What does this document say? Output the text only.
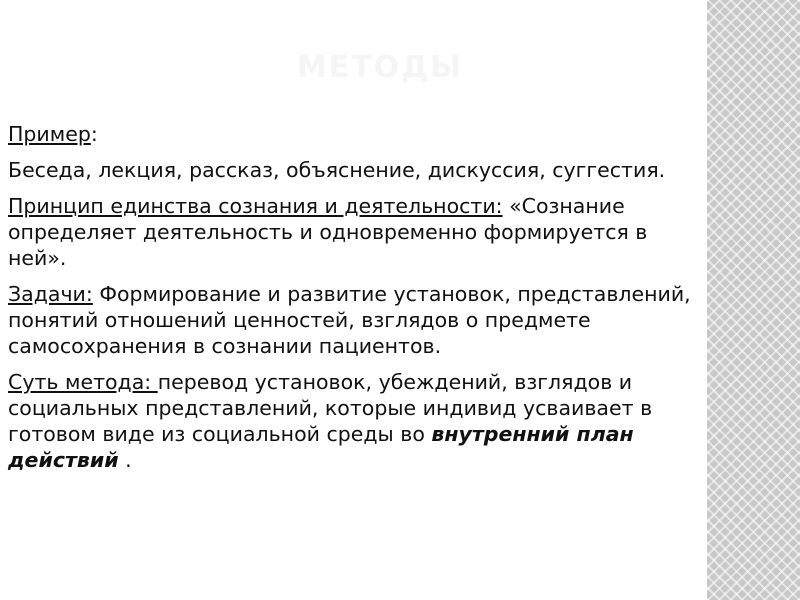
МЕТОДЫ

Пример:

Беседа, лекция, рассказ, объяснение, дискуссия, суггестия.

Принцип единства сознания и деятельности: «Сознание определяет деятельность и одновременно формируется в ней».

Задачи: Формирование и развитие установок, представлений, понятий отношений ценностей, взглядов о предмете самосохранения в сознании пациентов.

Суть метода: перевод установок, убеждений, взглядов и социальных представлений, которые индивид усваивает в готовом виде из социальной среды во внутренний план действий .
